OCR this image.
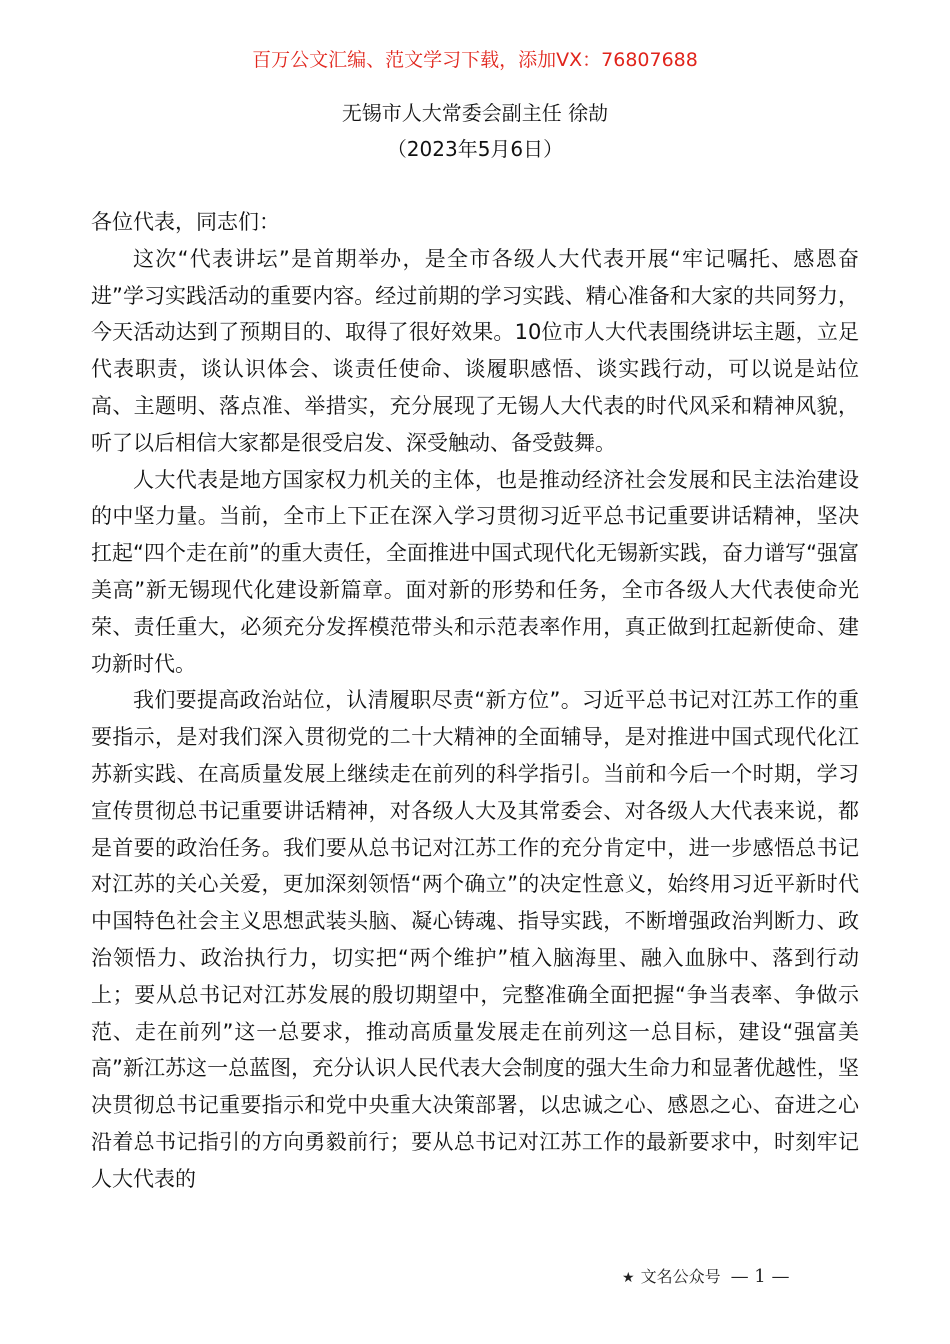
百万公文汇编、范文学习下载，添加VX：76807688
无锡市人大常委会副主任 徐劼
（2023年5月6日）

各位代表，同志们：

这次“代表讲坛”是首期举办，是全市各级人大代表开展“牢记嘱托、感恩奋进”学习实践活动的重要内容。经过前期的学习实践、精心准备和大家的共同努力，今天活动达到了预期目的、取得了很好效果。10位市人大代表围绕讲坛主题，立足代表职责，谈认识体会、谈责任使命、谈履职感悟、谈实践行动，可以说是站位高、主题明、落点准、举措实，充分展现了无锡人大代表的时代风采和精神风貌，听了以后相信大家都是很受启发、深受触动、备受鼓舞。

人大代表是地方国家权力机关的主体，也是推动经济社会发展和民主法治建设的中坚力量。当前，全市上下正在深入学习贯彻习近平总书记重要讲话精神，坚决扛起“四个走在前”的重大责任，全面推进中国式现代化无锡新实践，奋力谱写“强富美高”新无锡现代化建设新篇章。面对新的形势和任务，全市各级人大代表使命光荣、责任重大，必须充分发挥模范带头和示范表率作用，真正做到扛起新使命、建功新时代。

我们要提高政治站位，认清履职尽责“新方位”。习近平总书记对江苏工作的重要指示，是对我们深入贯彻党的二十大精神的全面辅导，是对推进中国式现代化江苏新实践、在高质量发展上继续走在前列的科学指引。当前和今后一个时期，学习宣传贯彻总书记重要讲话精神，对各级人大及其常委会、对各级人大代表来说，都是首要的政治任务。我们要从总书记对江苏工作的充分肯定中，进一步感悟总书记对江苏的关心关爱，更加深刻领悟“两个确立”的决定性意义，始终用习近平新时代中国特色社会主义思想武装头脑、凝心铸魂、指导实践，不断增强政治判断力、政治领悟力、政治执行力，切实把“两个维护”植入脑海里、融入血脉中、落到行动上；要从总书记对江苏发展的殷切期望中，完整准确全面把握“争当表率、争做示范、走在前列”这一总要求，推动高质量发展走在前列这一总目标，建设“强富美高”新江苏这一总蓝图，充分认识人民代表大会制度的强大生命力和显著优越性，坚决贯彻总书记重要指示和党中央重大决策部署，以忠诚之心、感恩之心、奋进之心沿着总书记指引的方向勇毅前行；要从总书记对江苏工作的最新要求中，时刻牢记人大代表的

★ 文名公众号 — 1 —
